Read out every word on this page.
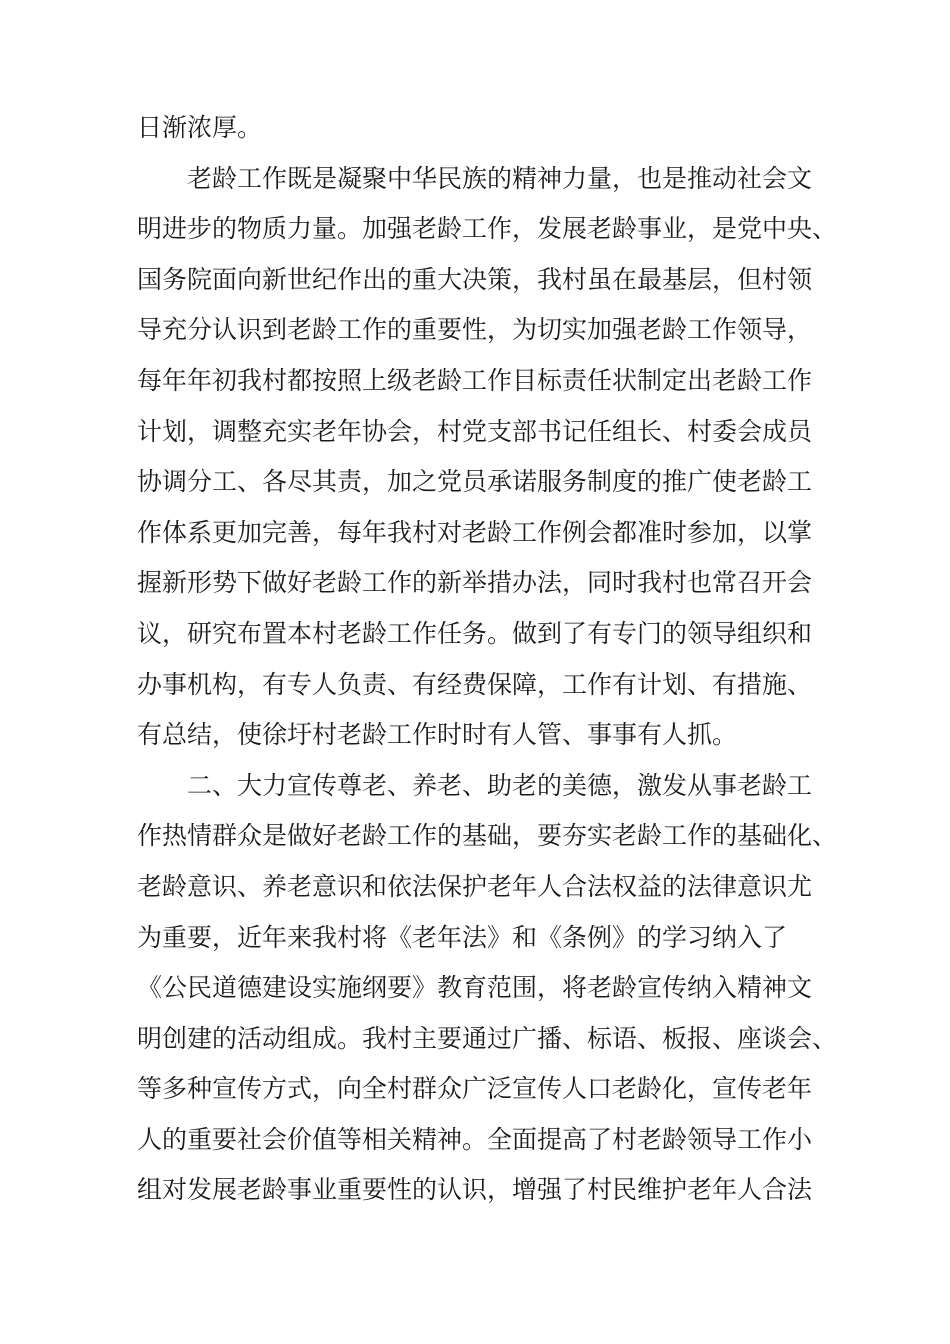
日渐浓厚。
　　老龄工作既是凝聚中华民族的精神力量，也是推动社会文
明进步的物质力量。加强老龄工作，发展老龄事业，是党中央、
国务院面向新世纪作出的重大决策，我村虽在最基层，但村领
导充分认识到老龄工作的重要性，为切实加强老龄工作领导，
每年年初我村都按照上级老龄工作目标责任状制定出老龄工作
计划，调整充实老年协会，村党支部书记任组长、村委会成员
协调分工、各尽其责，加之党员承诺服务制度的推广使老龄工
作体系更加完善，每年我村对老龄工作例会都准时参加，以掌
握新形势下做好老龄工作的新举措办法，同时我村也常召开会
议，研究布置本村老龄工作任务。做到了有专门的领导组织和
办事机构，有专人负责、有经费保障，工作有计划、有措施、
有总结，使徐圩村老龄工作时时有人管、事事有人抓。
　　二、大力宣传尊老、养老、助老的美德，激发从事老龄工
作热情群众是做好老龄工作的基础，要夯实老龄工作的基础化、
老龄意识、养老意识和依法保护老年人合法权益的法律意识尤
为重要，近年来我村将《老年法》和《条例》的学习纳入了
《公民道德建设实施纲要》教育范围，将老龄宣传纳入精神文
明创建的活动组成。我村主要通过广播、标语、板报、座谈会、
等多种宣传方式，向全村群众广泛宣传人口老龄化，宣传老年
人的重要社会价值等相关精神。全面提高了村老龄领导工作小
组对发展老龄事业重要性的认识，增强了村民维护老年人合法
